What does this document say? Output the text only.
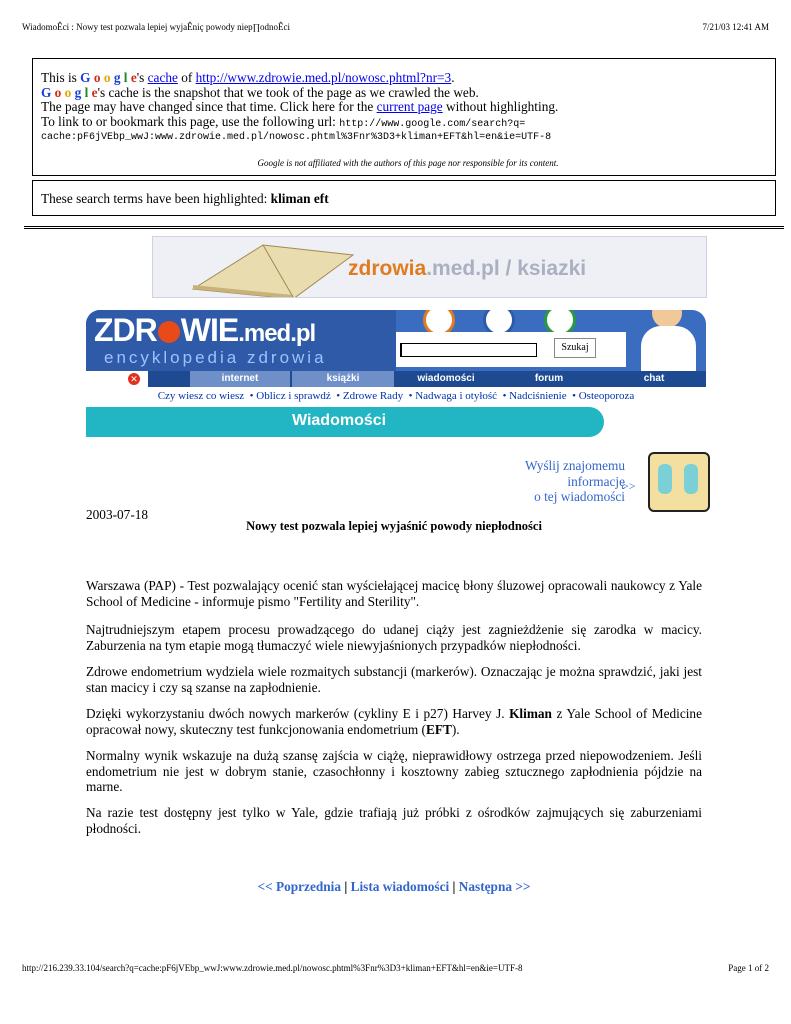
WiadomoÊci : Nowy test pozwala lepiej wyjaÊniç powody niep∏odnoÊci	7/21/03 12:41 AM
This is G o o g l e's cache of http://www.zdrowie.med.pl/nowosc.phtml?nr=3.
G o o g l e's cache is the snapshot that we took of the page as we crawled the web.
The page may have changed since that time. Click here for the current page without highlighting.
To link to or bookmark this page, use the following url: http://www.google.com/search?q=
cache:pF6jVEbp_wwJ:www.zdrowie.med.pl/nowosc.phtml%3Fnr%3D3+kliman+EFT&hl=en&ie=UTF-8
Google is not affiliated with the authors of this page nor responsible for its content.
These search terms have been highlighted: kliman eft
zdrowia.med.pl / ksiazki
ZDR WIE.med.pl
encyklopedia zdrowia
Szukaj
✕	internet	książki	wiadomości	forum	chat
Czy wiesz co wiesz  • Oblicz i sprawdź  • Zdrowe Rady  • Nadwaga i otyłość  • Nadciśnienie  • Osteoporoza
Wiadomości
Wyślij znajomemu
informację
o tej wiadomości
>>
2003-07-18
Nowy test pozwala lepiej wyjaśnić powody niepłodności
Warszawa (PAP) - Test pozwalający ocenić stan wyściełającej macicę błony śluzowej opracowali naukowcy z Yale School of Medicine - informuje pismo "Fertility and Sterility".
Najtrudniejszym etapem procesu prowadzącego do udanej ciąży jest zagnieżdżenie się zarodka w macicy. Zaburzenia na tym etapie mogą tłumaczyć wiele niewyjaśnionych przypadków niepłodności.
Zdrowe endometrium wydziela wiele rozmaitych substancji (markerów). Oznaczając je można sprawdzić, jaki jest stan macicy i czy są szanse na zapłodnienie.
Dzięki wykorzystaniu dwóch nowych markerów (cykliny E i p27) Harvey J. Kliman z Yale School of Medicine opracował nowy, skuteczny test funkcjonowania endometrium (EFT).
Normalny wynik wskazuje na dużą szansę zajścia w ciążę, nieprawidłowy ostrzega przed niepowodzeniem. Jeśli endometrium nie jest w dobrym stanie, czasochłonny i kosztowny zabieg sztucznego zapłodnienia pójdzie na marne.
Na razie test dostępny jest tylko w Yale, gdzie trafiają już próbki z ośrodków zajmujących się zaburzeniami płodności.
<< Poprzednia | Lista wiadomości | Następna >>
http://216.239.33.104/search?q=cache:pF6jVEbp_wwJ:www.zdrowie.med.pl/nowosc.phtml%3Fnr%3D3+kliman+EFT&hl=en&ie=UTF-8	Page 1 of 2
